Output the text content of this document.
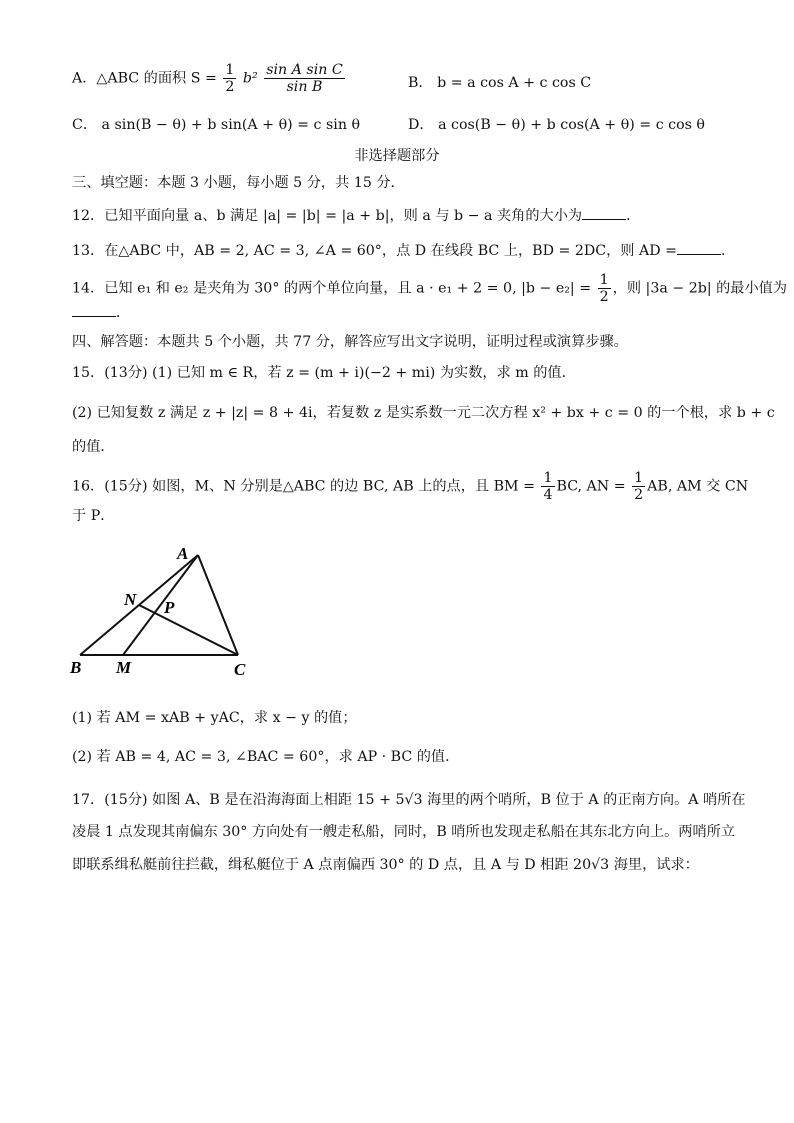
A．△ABC 的面积 $S = \frac{1}{2} b^2 \frac{\text{sin A sin C}}{\text{sin B}}$	B． b = a cos A + c cos C
C． a sin(B − θ) + b sin(A + θ) = c sin θ	D． a cos(B − θ) + b cos(A + θ) = c cos θ
非选择题部分
三、填空题：本题 3 小题，每小题 5 分，共 15 分．
12．已知平面向量 a、b 满足 |a| = |b| = |a + b|，则 a 与 b − a 夹角的大小为	．
13．在△ABC 中，AB = 2, AC = 3, ∠A = 60°，点 D 在线段 BC 上，BD = 2DC，则 AD =	．
14．已知 e₁ 和 e₂ 是夹角为 30° 的两个单位向量，且 a · e₁ + 2 = 0, $|b - e_2| = \frac{1}{2}$ ，则 |3a − 2b| 的最小值为
．
四、解答题：本题共 5 个小题，共 77 分，解答应写出文字说明，证明过程或演算步骤。
15．(13分) (1) 已知 m ∈ R，若 z = (m + i)(−2 + mi) 为实数，求 m 的值．
(2) 已知复数 z 满足 z + |z| = 8 + 4i，若复数 z 是实系数一元二次方程 x² + bx + c = 0 的一个根，求 b + c
的值．
16．(15分) 如图，M、N 分别是△ABC 的边 BC, AB 上的点，且 BM = $\frac{1}{4}$ BC, AN = $\frac{1}{2}$ AB, AM 交 CN
于 P．
A
B	C
M
N P
(1) 若 AM = xAB + yAC，求 x − y 的值；
(2) 若 AB = 4, AC = 3, ∠BAC = 60°，求 AP · BC 的值．
17．(15分) 如图 A、B 是在沿海海面上相距 15 + 5√3 海里的两个哨所，B 位于 A 的正南方向。A 哨所在
凌晨 1 点发现其南偏东 30° 方向处有一艘走私船，同时，B 哨所也发现走私船在其东北方向上。两哨所立
即联系缉私艇前往拦截，缉私艇位于 A 点南偏西 30° 的 D 点，且 A 与 D 相距 20√3 海里，试求：
